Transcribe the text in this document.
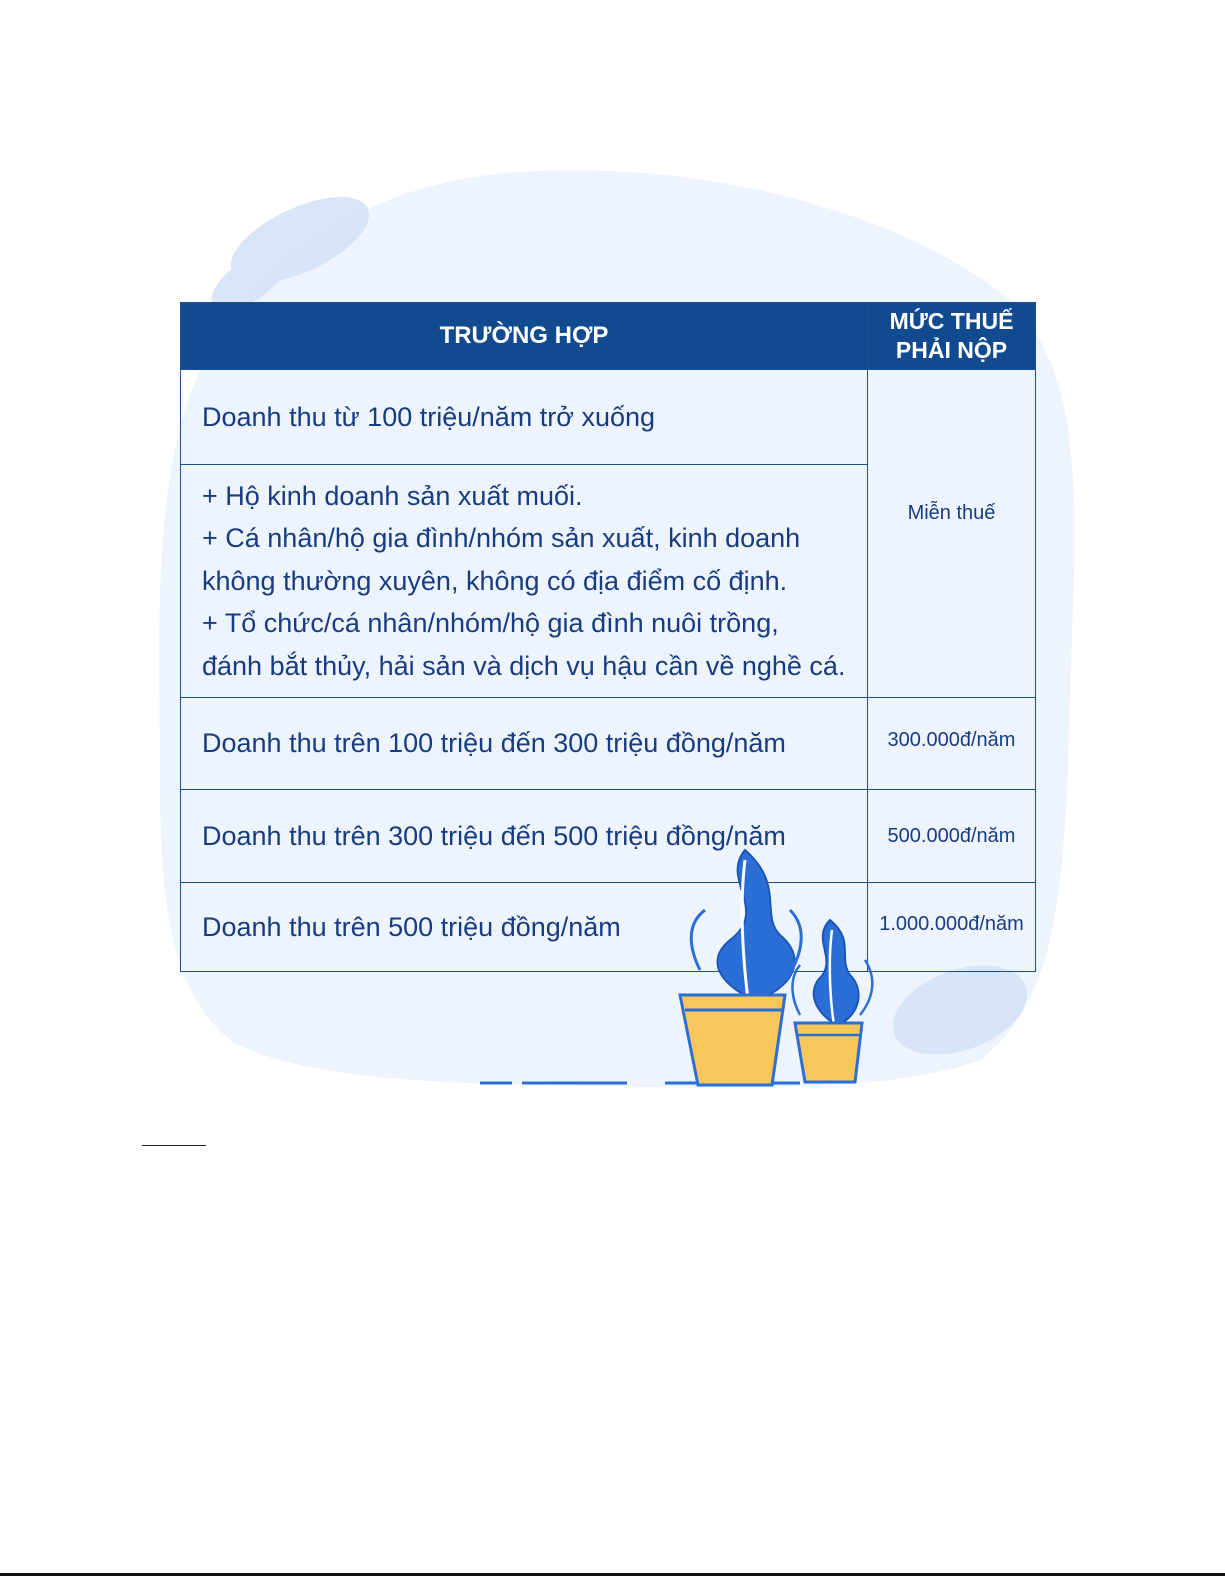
TRƯỜNG HỢP	MỨC THUẾ
PHẢI NỘP

Doanh thu từ 100 triệu/năm trở xuống	Miễn thuế

+ Hộ kinh doanh sản xuất muối.
+ Cá nhân/hộ gia đình/nhóm sản xuất, kinh doanh
không thường xuyên, không có địa điểm cố định.
+ Tổ chức/cá nhân/nhóm/hộ gia đình nuôi trồng,
đánh bắt thủy, hải sản và dịch vụ hậu cần về nghề cá.	

Doanh thu trên 100 triệu đến 300 triệu đồng/năm	300.000đ/năm
Doanh thu trên 300 triệu đến 500 triệu đồng/năm	500.000đ/năm
Doanh thu trên 500 triệu đồng/năm	1.000.000đ/năm
